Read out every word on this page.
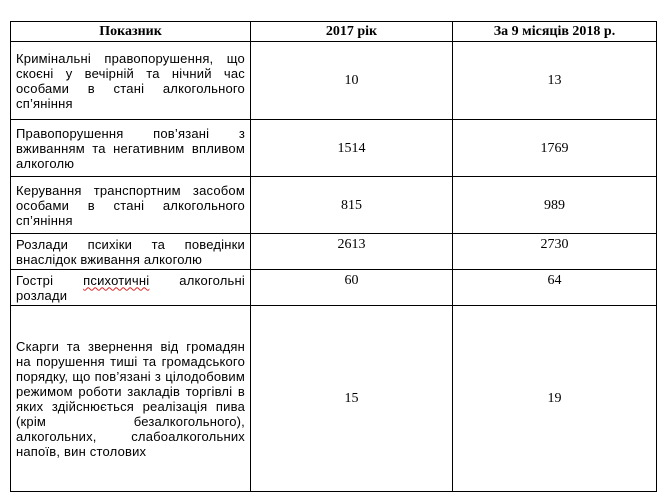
Показник	2017 рік	За 9 місяців 2018 р.
Кримінальні правопорушення, що скоєні у вечірній та нічний час особами в стані алкогольного сп’яніння	10	13
Правопорушення пов’язані з вживанням та негативним впливом алкоголю	1514	1769
Керування транспортним засобом особами в стані алкогольного сп’яніння	815	989
Розлади психіки та поведінки внаслідок вживання алкоголю	2613	2730
Гострі психотичні алкогольні розлади	60	64
Скарги та звернення від громадян на порушення тиші та громадського порядку, що пов’язані з цілодобовим режимом роботи закладів торгівлі в яких здійснюється реалізація пива (крім безалкогольного), алкогольних, слабоалкогольних напоїв, вин столових	15	19
